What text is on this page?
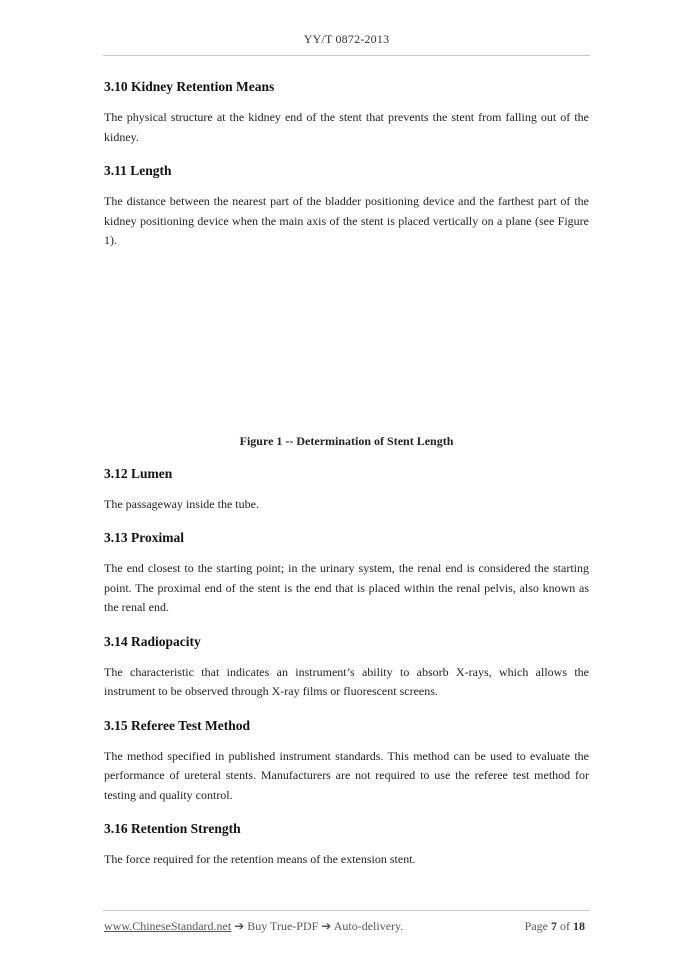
YY/T 0872-2013
3.10 Kidney Retention Means

The physical structure at the kidney end of the stent that prevents the stent from falling out of the kidney.

3.11 Length

The distance between the nearest part of the bladder positioning device and the farthest part of the kidney positioning device when the main axis of the stent is placed vertically on a plane (see Figure 1).

Figure 1 -- Determination of Stent Length

3.12 Lumen

The passageway inside the tube.

3.13 Proximal

The end closest to the starting point; in the urinary system, the renal end is considered the starting point. The proximal end of the stent is the end that is placed within the renal pelvis, also known as the renal end.

3.14 Radiopacity

The characteristic that indicates an instrument’s ability to absorb X-rays, which allows the instrument to be observed through X-ray films or fluorescent screens.

3.15 Referee Test Method

The method specified in published instrument standards. This method can be used to evaluate the performance of ureteral stents. Manufacturers are not required to use the referee test method for testing and quality control.

3.16 Retention Strength

The force required for the retention means of the extension stent.

www.ChineseStandard.net ➔ Buy True-PDF ➔ Auto-delivery.	Page 7 of 18
